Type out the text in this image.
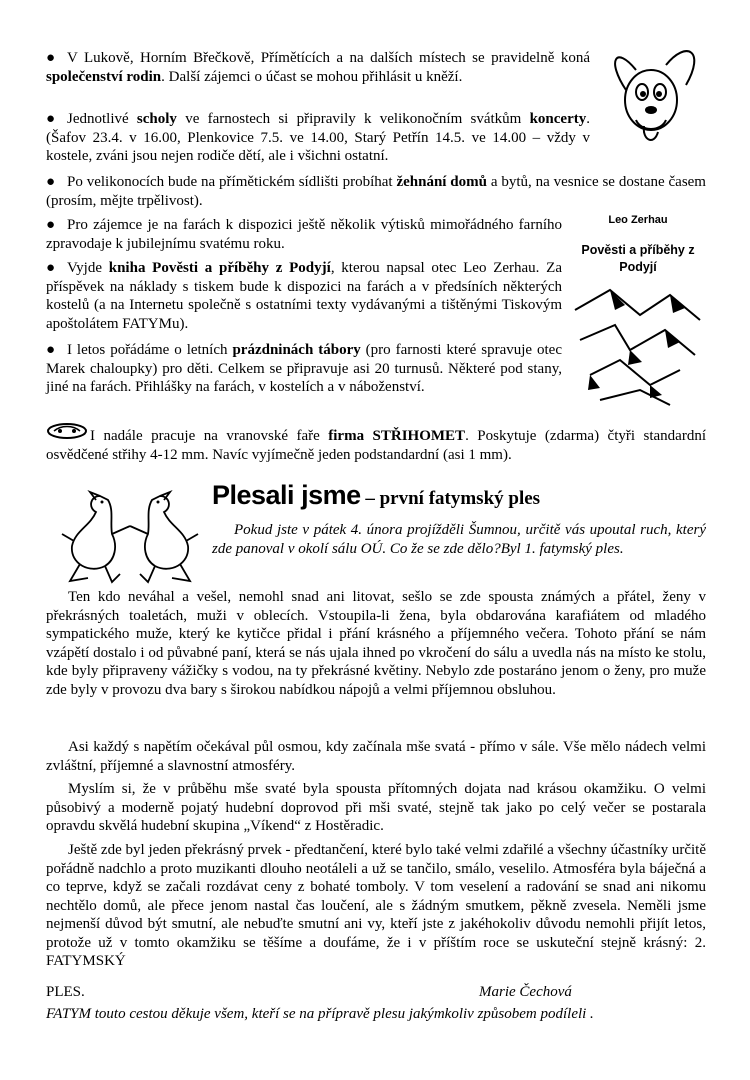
● V Lukově, Horním Břečkově, Přímětících a na dalších místech se pravidelně koná společenství rodin. Další zájemci o účast se mohou přihlásit u kněží.
● Jednotlivé scholy ve farnostech si připravily k velikonočním svátkům koncerty. (Šafov 23.4. v 16.00, Plenkovice 7.5. ve 14.00, Starý Petřín 14.5. ve 14.00 – vždy v kostele, zváni jsou nejen rodiče dětí, ale i všichni ostatní.
● Po velikonocích bude na přímětickém sídlišti probíhat žehnání domů a bytů, na vesnice se dostane časem (prosím, mějte trpělivost).
Leo Zerhau
Pověsti a příběhy z Podyjí
● Pro zájemce je na farách k dispozici ještě několik výtisků mimořádného farního zpravodaje k jubilejnímu svatému roku.
● Vyjde kniha Pověsti a příběhy z Podyjí, kterou napsal otec Leo Zerhau. Za příspěvek na náklady s tiskem bude k dispozici na farách a v předsíních některých kostelů (a na Internetu společně s ostatními texty vydávanými a tištěnými Tiskovým apoštolátem FATYMu).
● I letos pořádáme o letních prázdninách tábory (pro farnosti které spravuje otec Marek chaloupky) pro děti. Celkem se připravuje asi 20 turnusů. Některé pod stany, jiné na farách. Přihlášky na farách, v kostelích a v náboženství.
I nadále pracuje na vranovské faře firma STŘIHOMET. Poskytuje (zdarma) čtyři standardní osvědčené střihy 4-12 mm. Navíc vyjímečně jeden podstandardní (asi 1 mm).
Plesali jsme – první fatymský ples
Pokud jste v pátek 4. února projížděli Šumnou, určitě vás upoutal ruch, který zde panoval v okolí sálu OÚ. Co že se zde dělo?Byl 1. fatymský ples.

Ten kdo neváhal a vešel, nemohl snad ani litovat, sešlo se zde spousta známých a přátel, ženy v překrásných toaletách, muži v oblecích. Vstoupila-li žena, byla obdarována karafiátem od mladého sympatického muže, který ke kytičce přidal i přání krásného a příjemného večera. Tohoto přání se nám vzápětí dostalo i od půvabné paní, která se nás ujala ihned po vkročení do sálu a uvedla nás na místo ke stolu, kde byly připraveny vážičky s vodou, na ty překrásné květiny. Nebylo zde postaráno jenom o ženy, pro muže zde byly v provozu dva bary s širokou nabídkou nápojů a velmi příjemnou obsluhou.

Asi každý s napětím očekával půl osmou, kdy začínala mše svatá - přímo v sále. Vše mělo nádech velmi zvláštní, příjemné a slavnostní atmosféry.

Myslím si, že v průběhu mše svaté byla spousta přítomných dojata nad krásou okamžiku. O velmi působivý a moderně pojatý hudební doprovod při mši svaté, stejně tak jako po celý večer se postarala opravdu skvělá hudební skupina „Víkend“ z Hostěradic.

Ještě zde byl jeden překrásný prvek - předtančení, které bylo také velmi zdařilé a všechny účastníky určitě pořádně nadchlo a proto muzikanti dlouho neotáleli a už se tančilo, smálo, veselilo. Atmosféra byla báječná a co teprve, když se začali rozdávat ceny z bohaté tomboly. V tom veselení a radování se snad ani nikomu nechtělo domů, ale přece jenom nastal čas loučení, ale s žádným smutkem, pěkně zvesela. Neměli jsme nejmenší důvod být smutní, ale nebuďte smutní ani vy, kteří jste z jakéhokoliv důvodu nemohli přijít letos, protože už v tomto okamžiku se těšíme a doufáme, že i v příštím roce se uskuteční stejně krásný: 2. FATYMSKÝ

PLES.	Marie Čechová
FATYM touto cestou děkuje všem, kteří se na přípravě plesu jakýmkoliv způsobem podíleli .
